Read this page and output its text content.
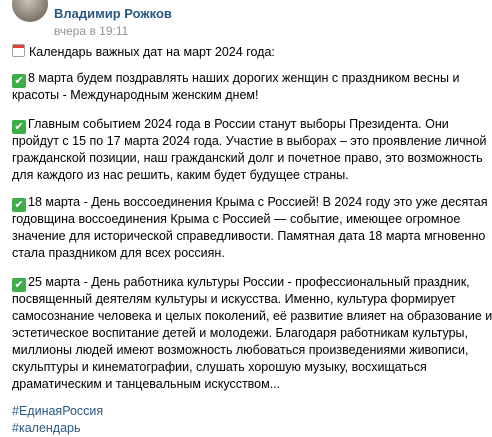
Владимир Рожков
вчера в 19:11
Календарь важных дат на март 2024 года:
✔ 8 марта будем поздравлять наших дорогих женщин с праздником весны и
красоты - Международным женским днем!
✔ Главным событием 2024 года в России станут выборы Президента. Они
пройдут с 15 по 17 марта 2024 года. Участие в выборах – это проявление личной
гражданской позиции, наш гражданский долг и почетное право, это возможность
для каждого из нас решить, каким будет будущее страны.
✔ 18 марта - День воссоединения Крыма с Россией! В 2024 году это уже десятая
годовщина воссоединения Крыма с Россией — событие, имеющее огромное
значение для исторической справедливости. Памятная дата 18 марта мгновенно
стала праздником для всех россиян.
✔ 25 марта - День работника культуры России - профессиональный праздник,
посвященный деятелям культуры и искусства. Именно, культура формирует
самосознание человека и целых поколений, её развитие влияет на образование и
эстетическое воспитание детей и молодежи. Благодаря работникам культуры,
миллионы людей имеют возможность любоваться произведениями живописи,
скульптуры и кинематографии, слушать хорошую музыку, восхищаться
драматическим и танцевальным искусством...
#ЕдинаяРоссия
#календарь
